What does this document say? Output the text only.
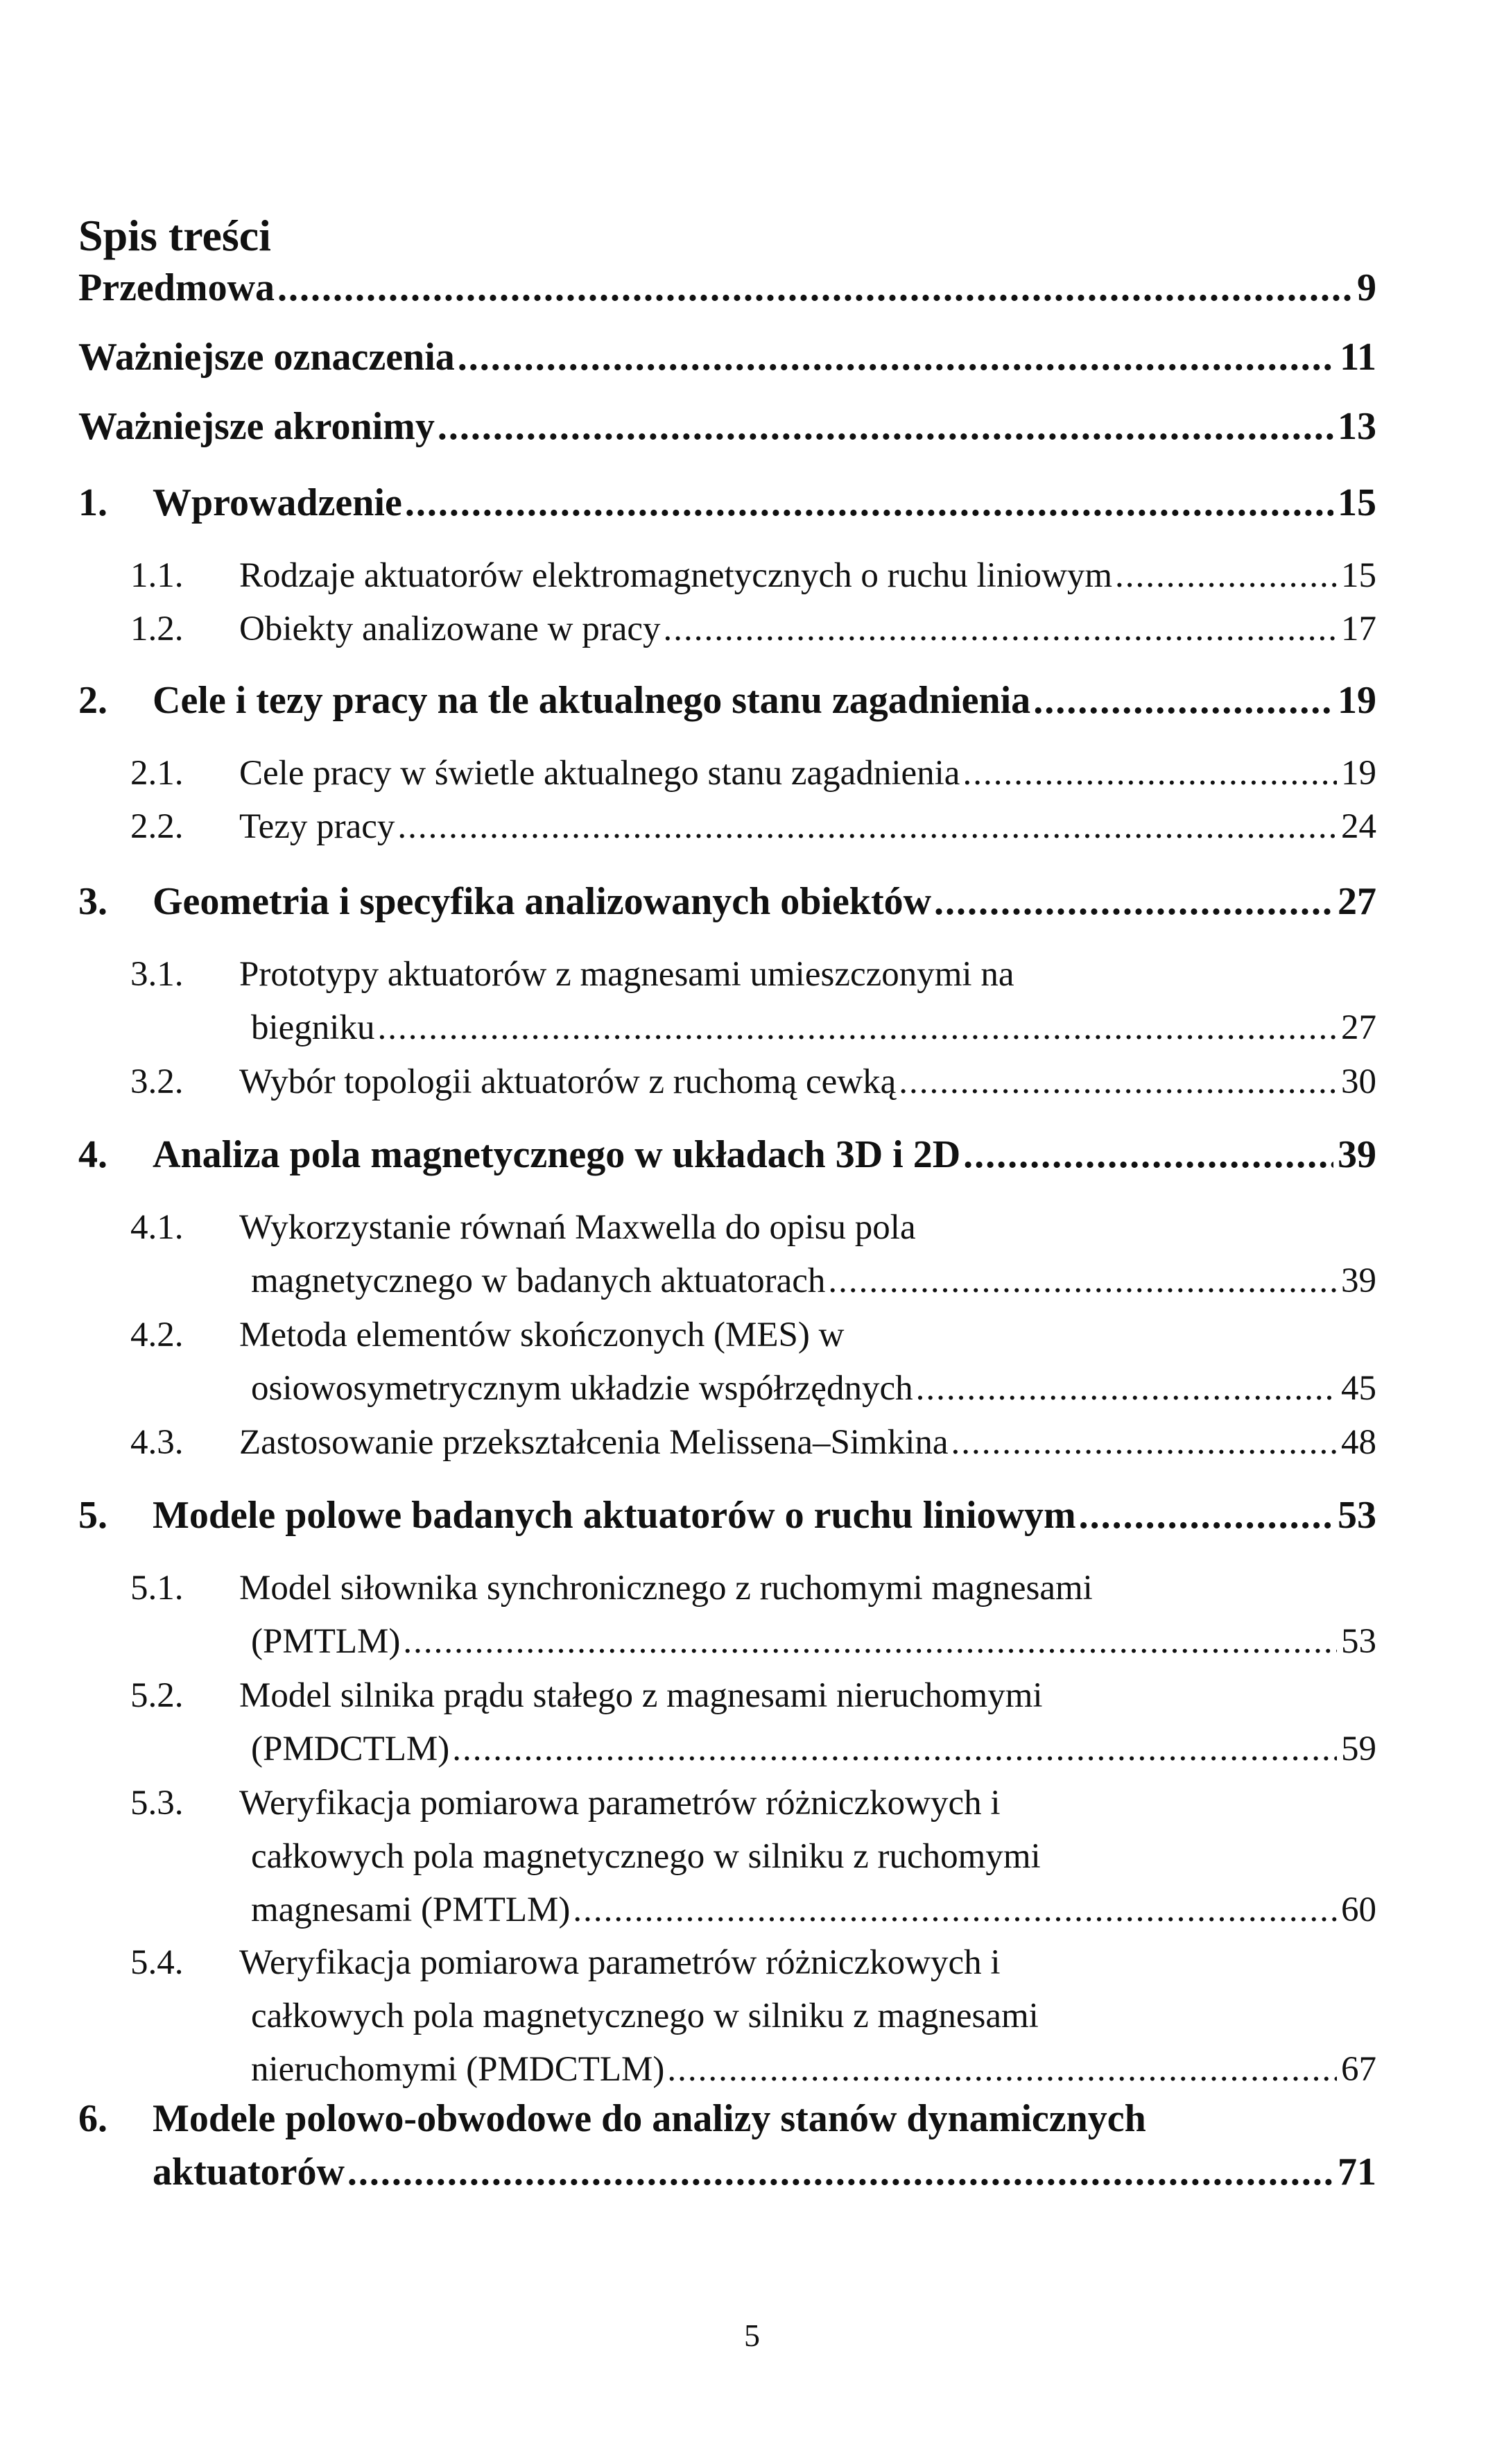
Spis treści
Przedmowa .....	9
Ważniejsze oznaczenia .....	11
Ważniejsze akronimy .....	13
1. Wprowadzenie .....	15
1.1. Rodzaje aktuatorów elektromagnetycznych o ruchu liniowym .....	15
1.2. Obiekty analizowane w pracy .....	17
2. Cele i tezy pracy na tle aktualnego stanu zagadnienia .....	19
2.1. Cele pracy w świetle aktualnego stanu zagadnienia .....	19
2.2. Tezy pracy .....	24
3. Geometria i specyfika analizowanych obiektów .....	27
3.1. Prototypy aktuatorów z magnesami umieszczonymi na
biegniku .....	27
3.2. Wybór topologii aktuatorów z ruchomą cewką .....	30
4. Analiza pola magnetycznego w układach 3D i 2D .....	39
4.1. Wykorzystanie równań Maxwella do opisu pola
magnetycznego w badanych aktuatorach .....	39
4.2. Metoda elementów skończonych (MES) w
osiowosymetrycznym układzie współrzędnych .....	45
4.3. Zastosowanie przekształcenia Melissena–Simkina .....	48
5. Modele polowe badanych aktuatorów o ruchu liniowym .....	53
5.1. Model siłownika synchronicznego z ruchomymi magnesami
(PMTLM) .....	53
5.2. Model silnika prądu stałego z magnesami nieruchomymi
(PMDCTLM) .....	59
5.3. Weryfikacja pomiarowa parametrów różniczkowych i
całkowych pola magnetycznego w silniku z ruchomymi
magnesami (PMTLM) .....	60
5.4. Weryfikacja pomiarowa parametrów różniczkowych i
całkowych pola magnetycznego w silniku z magnesami
nieruchomymi (PMDCTLM) .....	67
6. Modele polowo-obwodowe do analizy stanów dynamicznych
aktuatorów .....	71
5
